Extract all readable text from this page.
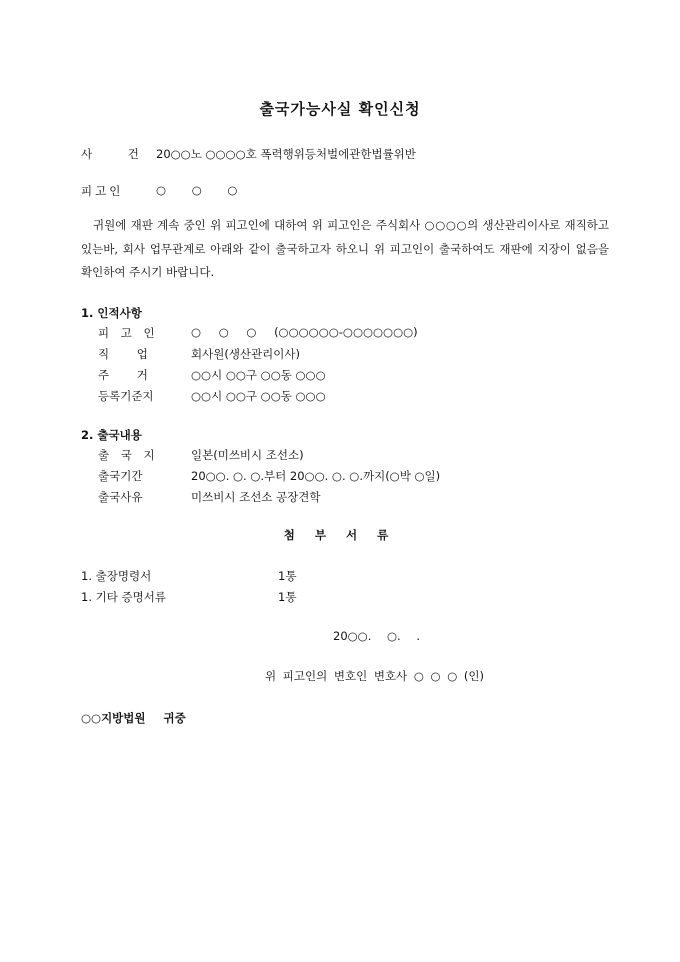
출국가능사실 확인신청
사 건 20○○노 ○○○○호 폭력행위등처벌에관한법률위반
피고인	○ ○ ○
귀원에 재판 계속 중인 위 피고인에 대하여 위 피고인은 주식회사 ○○○○의 생산관리이사로 재직하고 있는바, 회사 업무관계로 아래와 같이 출국하고자 하오니 위 피고인이 출국하여도 재판에 지장이 없음을 확인하여 주시기 바랍니다.
1. 인적사항
피 고 인	○ ○ ○ (○○○○○○-○○○○○○○)
직 업	회사원(생산관리이사)
주 거	○○시 ○○구 ○○동 ○○○
등록기준지	○○시 ○○구 ○○동 ○○○
2. 출국내용
출 국 지	일본(미쓰비시 조선소)
출국기간	20○○. ○. ○.부터 20○○. ○. ○.까지(○박 ○일)
출국사유	미쓰비시 조선소 공장견학
첨 부 서 류
1. 출장명령서	1통
1. 기타 증명서류	1통
20○○. ○. .
위 피고인의 변호인 변호사 ○ ○ ○ (인)
○○지방법원 귀중
